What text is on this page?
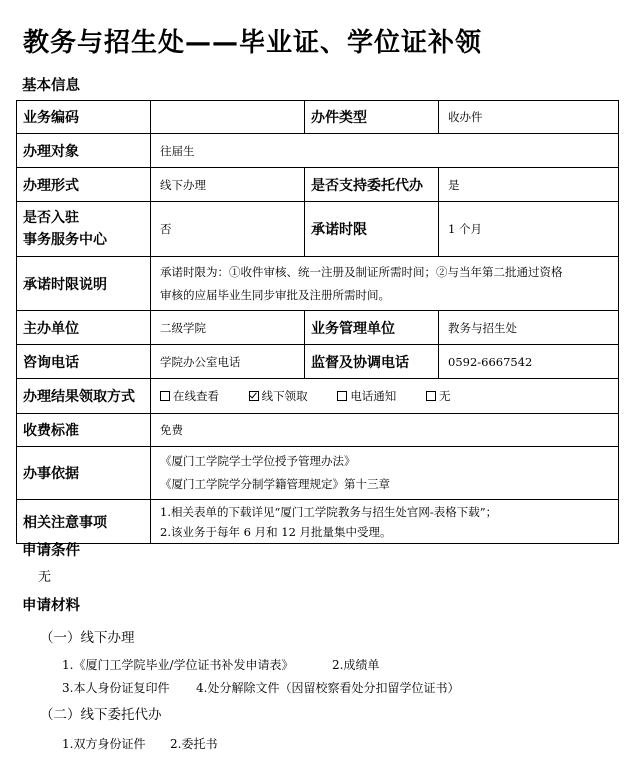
教务与招生处——毕业证、学位证补领
基本信息
业务编码		办件类型	收办件
办理对象	往届生		
办理形式	线下办理	是否支持委托代办	是

是否入驻
事务服务中心	否	承诺时限	1 个月
承诺时限说明	承诺时限为：①收件审核、统一注册及制证所需时间；②与当年第二批通过资格
审核的应届毕业生同步审批及注册所需时间。		

主办单位	二级学院	业务管理单位	教务与招生处
咨询电话	学院办公室电话	监督及协调电话	0592-6667542
办理结果领取方式	在线查看 线下领取 电话通知 无		
收费标准	免费		
办事依据	《厦门工学院学士学位授予管理办法》
《厦门工学院学分制学籍管理规定》第十三章		

相关注意事项	1.相关表单的下载详见“厦门工学院教务与招生处官网-表格下载”；
2.该业务于每年 6 月和 12 月批量集中受理。		
申请条件
无
申请材料
（一）线下办理
1.《厦门工学院毕业/学位证书补发申请表》	2.成绩单
3.本人身份证复印件 4.处分解除文件（因留校察看处分扣留学位证书）
（二）线下委托代办
1.双方身份证件 2.委托书
